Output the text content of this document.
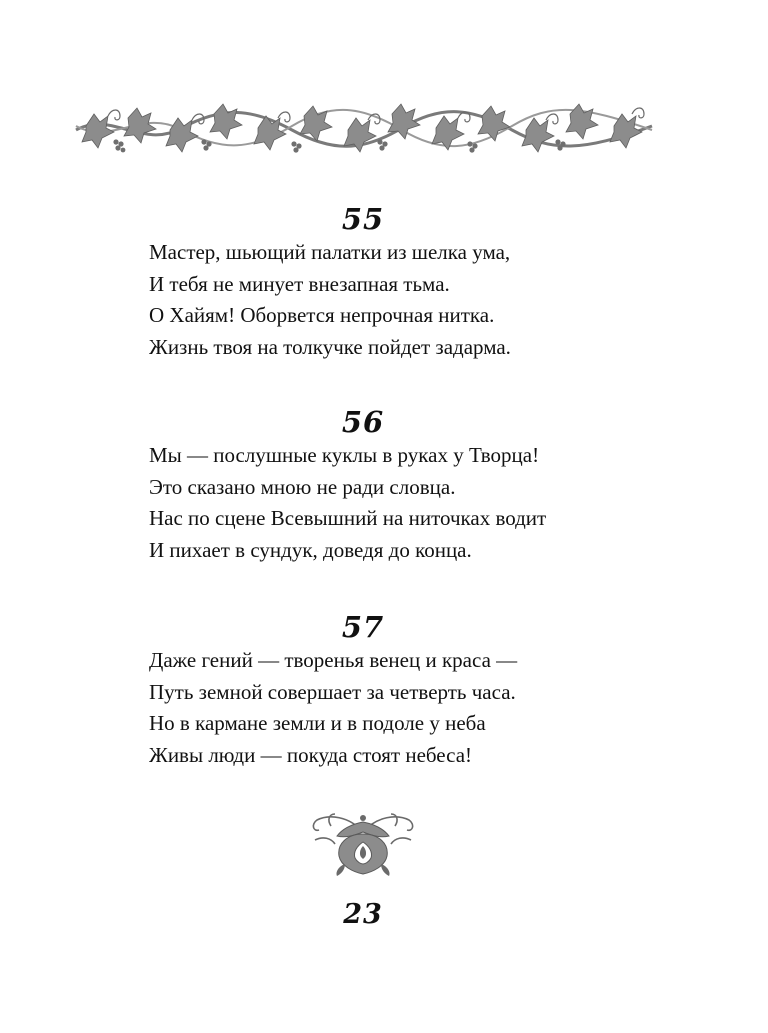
55
Мастер, шьющий палатки из шелка ума,
И тебя не минует внезапная тьма.
О Хайям! Оборвется непрочная нитка.
Жизнь твоя на толкучке пойдет задарма.
56
Мы — послушные куклы в руках у Творца!
Это сказано мною не ради словца.
Нас по сцене Всевышний на ниточках водит
И пихает в сундук, доведя до конца.
57
Даже гений — творенья венец и краса —
Путь земной совершает за четверть часа.
Но в кармане земли и в подоле у неба
Живы люди — покуда стоят небеса!
23
